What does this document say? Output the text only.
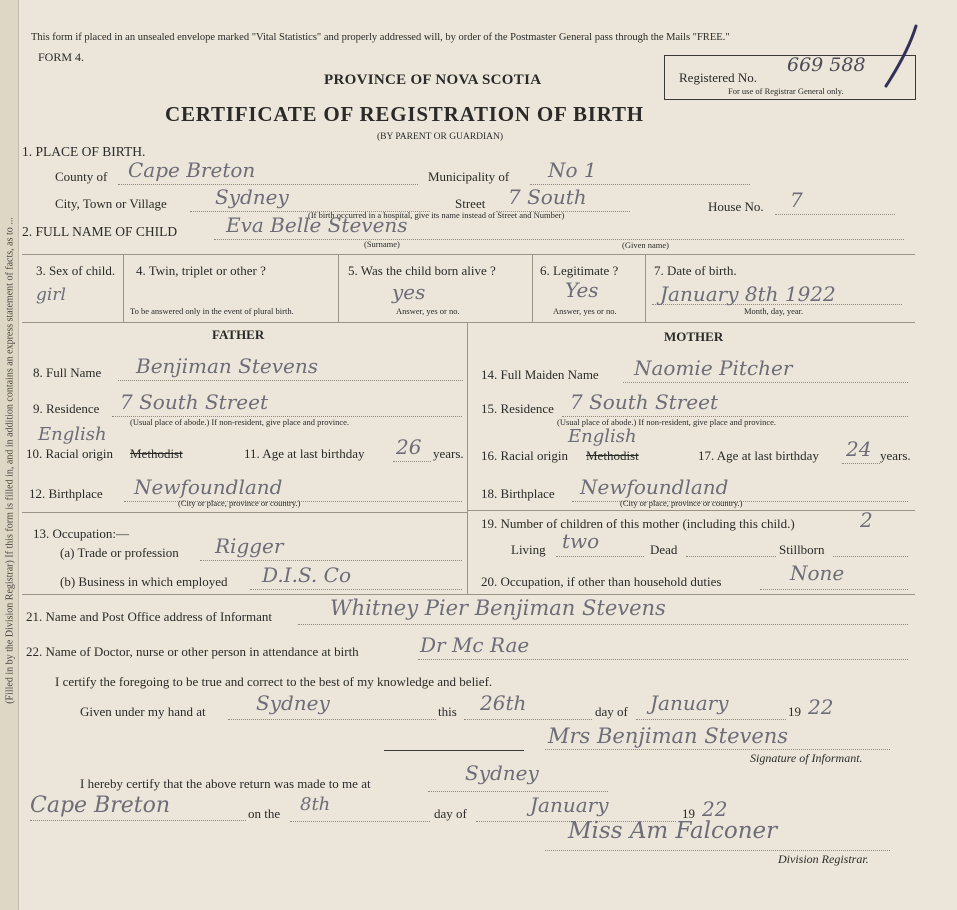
(Filled in by the Division Registrar) If this form is filled in, and in addition contains an express statement of facts, as to ...
This form if placed in an unsealed envelope marked "Vital Statistics" and properly addressed will, by order of the Postmaster General pass through the Mails "FREE."
FORM 4.
PROVINCE OF NOVA SCOTIA
CERTIFICATE OF REGISTRATION OF BIRTH
(BY PARENT OR GUARDIAN)
Registered No.
669 588
For use of Registrar General only.
1. PLACE OF BIRTH.
County of Cape Breton	Municipality of No 1
City, Town or Village Sydney	Street 7 South
(If birth occurred in a hospital, give its name instead of Street and Number)
House No. 7
2. FULL NAME OF CHILD Eva Belle Stevens
(Surname)	(Given name)
3. Sex of child.
girl
4. Twin, triplet or other ?
To be answered only in the event of plural birth.
5. Was the child born alive ?
yes
Answer, yes or no.
6. Legitimate ?
Yes
Answer, yes or no.
7. Date of birth.
January 8th 1922
Month, day, year.
FATHER	MOTHER
8. Full Name Benjiman Stevens
9. Residence 7 South Street
(Usual place of abode.) If non-resident, give place and province.
English
10. Racial origin Methodist	11. Age at last birthday 26 years.
12. Birthplace Newfoundland
(City or place, province or country.)
13. Occupation:—
(a) Trade or profession Rigger
(b) Business in which employed D.I.S. Co
14. Full Maiden Name Naomie Pitcher
15. Residence 7 South Street
(Usual place of abode.) If non-resident, give place and province.
English
16. Racial origin Methodist	17. Age at last birthday 24 years.
18. Birthplace Newfoundland
(City or place, province or country.)
19. Number of children of this mother (including this child.)	2
Living two	Dead	Stillborn
20. Occupation, if other than household duties	None
21. Name and Post Office address of Informant	Whitney Pier Benjiman Stevens
22. Name of Doctor, nurse or other person in attendance at birth	Dr Mc Rae
I certify the foregoing to be true and correct to the best of my knowledge and belief.
Given under my hand at	Sydney	this 26th	day of January	19 22
Mrs Benjiman Stevens
Signature of Informant.
I hereby certify that the above return was made to me at	Sydney
Cape Breton	on the 8th	day of	January	19 22
Miss Am Falconer
Division Registrar.
